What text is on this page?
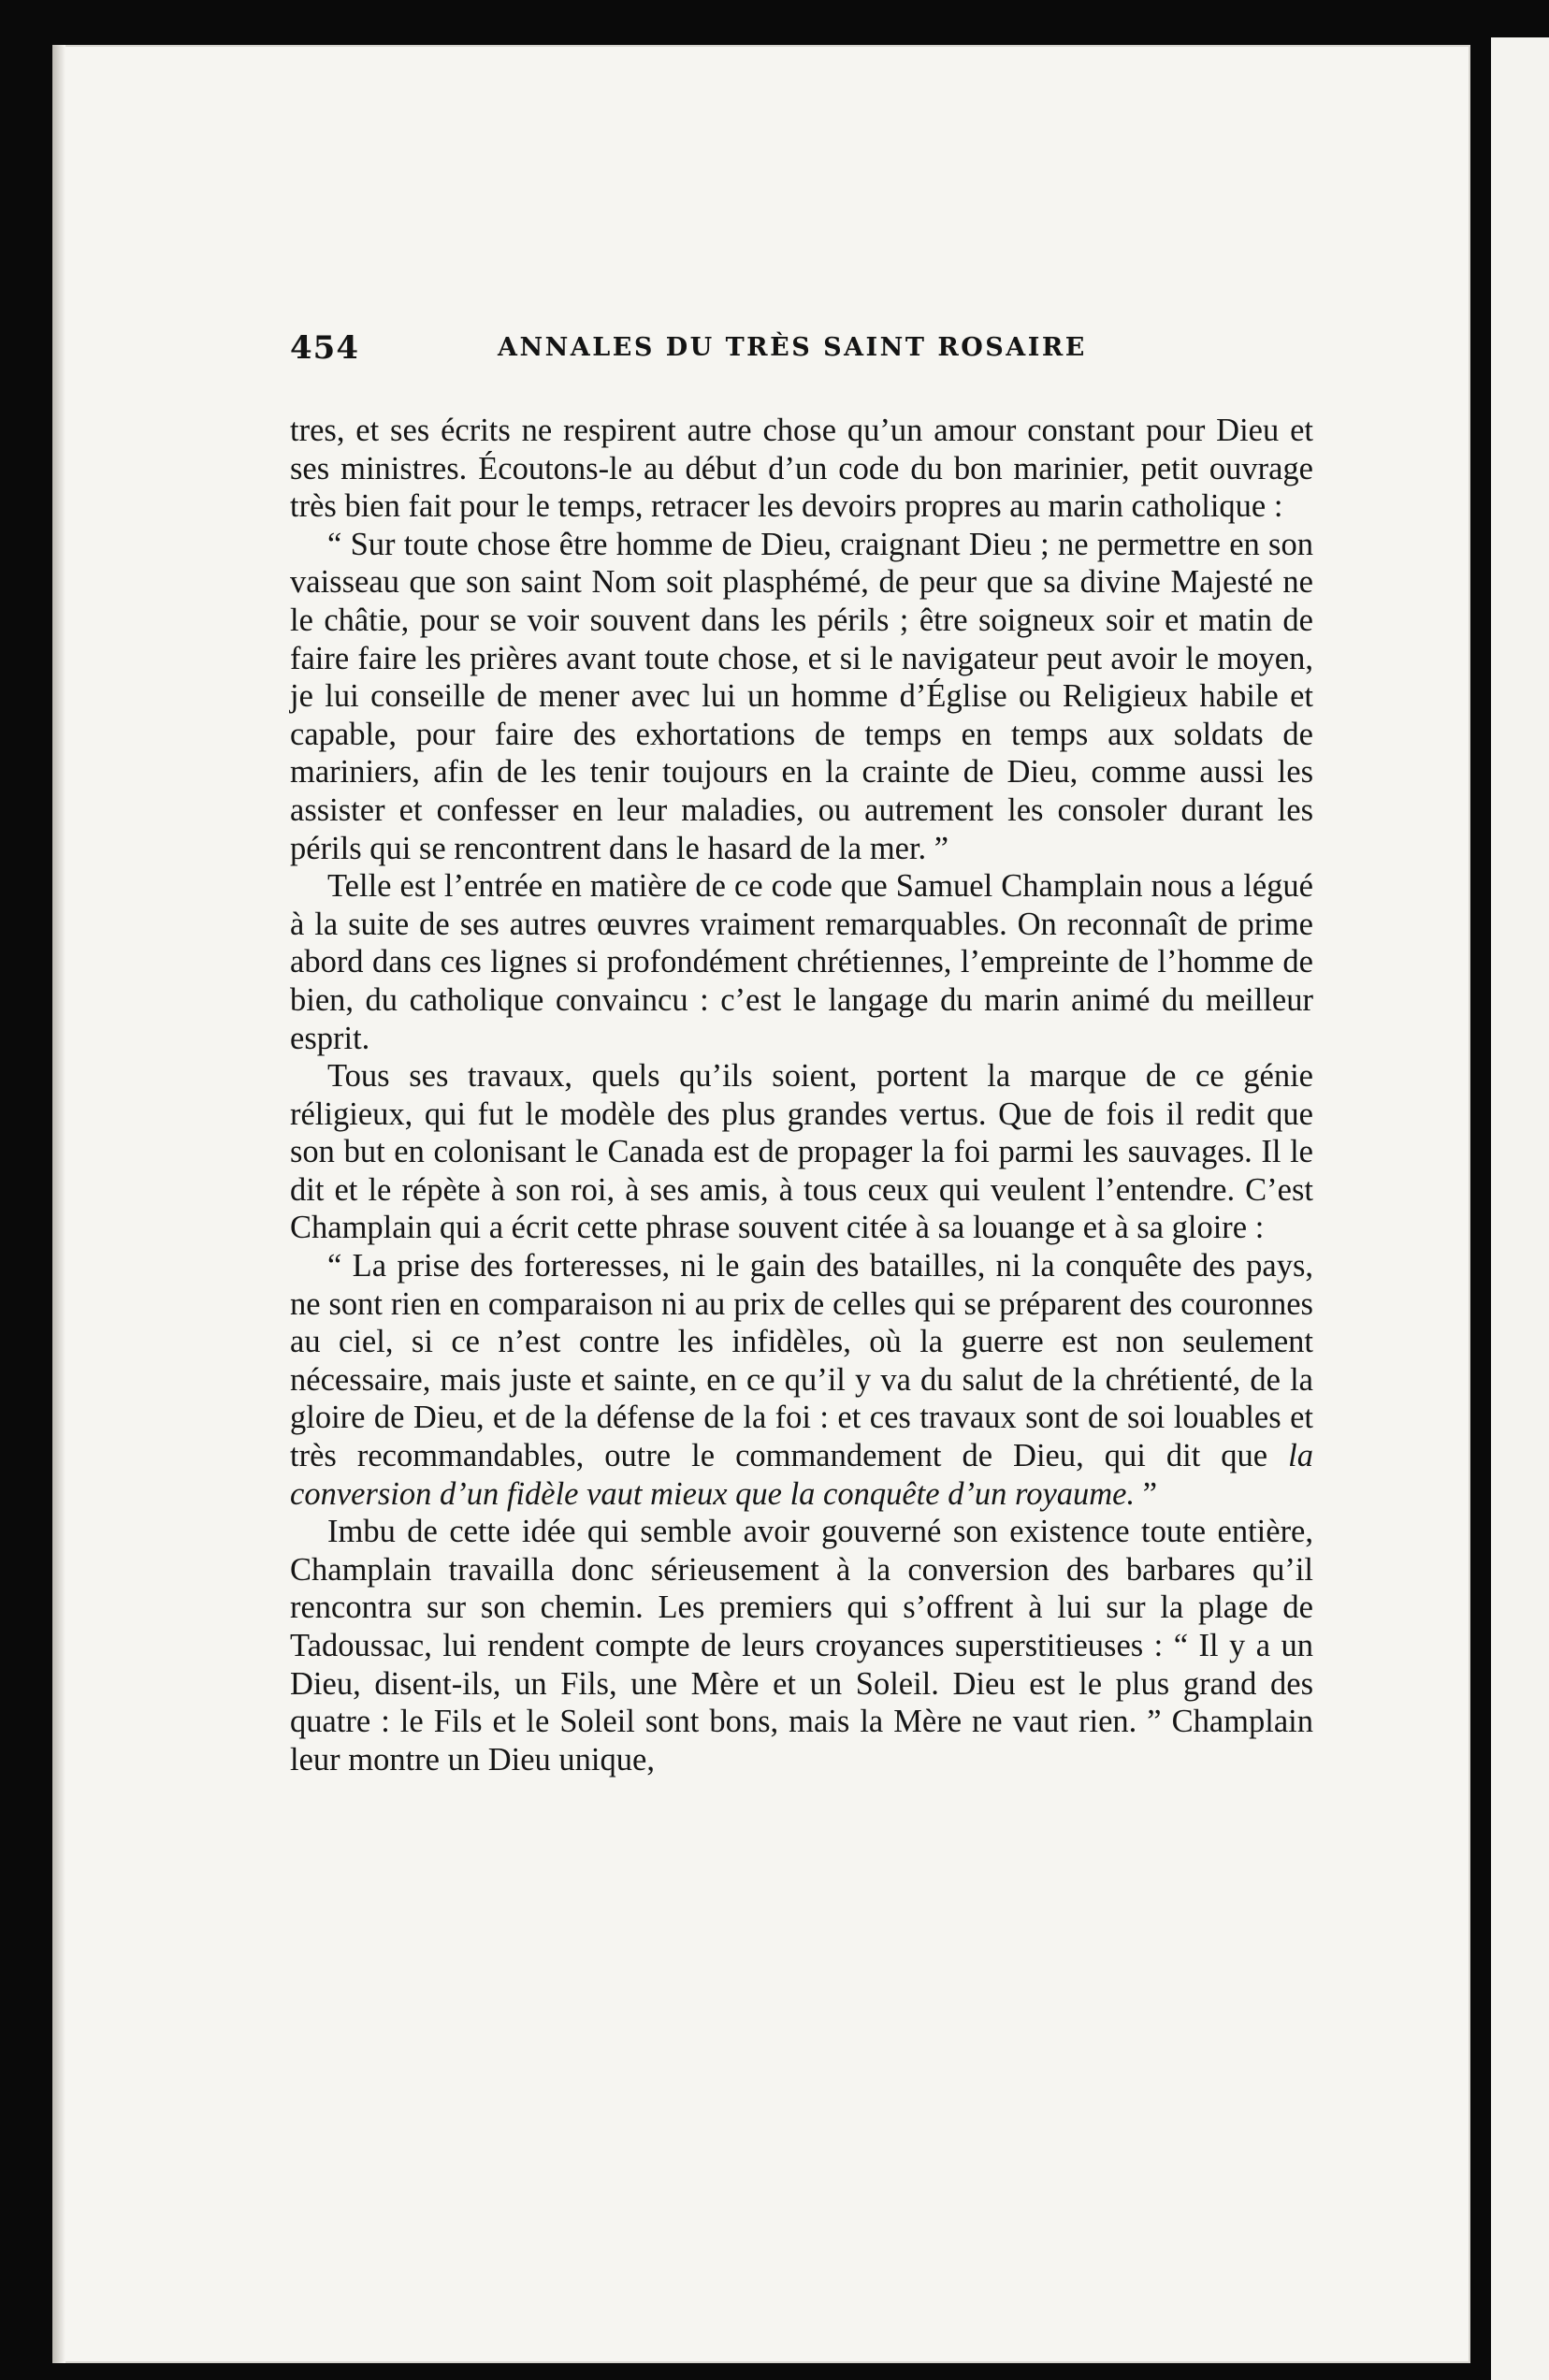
454	ANNALES DU TRÈS SAINT ROSAIRE

tres, et ses écrits ne respirent autre chose qu’un amour constant pour Dieu et ses ministres. Écoutons-le au début d’un code du bon marinier, petit ouvrage très bien fait pour le temps, retracer les devoirs propres au marin catholique :

“ Sur toute chose être homme de Dieu, craignant Dieu ; ne permettre en son vaisseau que son saint Nom soit plasphémé, de peur que sa divine Majesté ne le châtie, pour se voir souvent dans les périls ; être soigneux soir et matin de faire faire les prières avant toute chose, et si le navigateur peut avoir le moyen, je lui conseille de mener avec lui un homme d’Église ou Religieux habile et capable, pour faire des exhortations de temps en temps aux soldats de mariniers, afin de les tenir toujours en la crainte de Dieu, comme aussi les assister et confesser en leur maladies, ou autrement les consoler durant les périls qui se rencontrent dans le hasard de la mer. ”

Telle est l’entrée en matière de ce code que Samuel Champlain nous a légué à la suite de ses autres œuvres vraiment remarquables. On reconnaît de prime abord dans ces lignes si profondément chrétiennes, l’empreinte de l’homme de bien, du catholique convaincu : c’est le langage du marin animé du meilleur esprit.

Tous ses travaux, quels qu’ils soient, portent la marque de ce génie réligieux, qui fut le modèle des plus grandes vertus. Que de fois il redit que son but en colonisant le Canada est de propager la foi parmi les sauvages. Il le dit et le répète à son roi, à ses amis, à tous ceux qui veulent l’entendre. C’est Champlain qui a écrit cette phrase souvent citée à sa louange et à sa gloire :

“ La prise des forteresses, ni le gain des batailles, ni la conquête des pays, ne sont rien en comparaison ni au prix de celles qui se préparent des couronnes au ciel, si ce n’est contre les infidèles, où la guerre est non seulement nécessaire, mais juste et sainte, en ce qu’il y va du salut de la chrétienté, de la gloire de Dieu, et de la défense de la foi : et ces travaux sont de soi louables et très recommandables, outre le commandement de Dieu, qui dit que la conversion d’un fidèle vaut mieux que la conquête d’un royaume. ”

Imbu de cette idée qui semble avoir gouverné son existence toute entière, Champlain travailla donc sérieusement à la conversion des barbares qu’il rencontra sur son chemin. Les premiers qui s’offrent à lui sur la plage de Tadoussac, lui rendent compte de leurs croyances superstitieuses : “ Il y a un Dieu, disent-ils, un Fils, une Mère et un Soleil. Dieu est le plus grand des quatre : le Fils et le Soleil sont bons, mais la Mère ne vaut rien. ” Champlain leur montre un Dieu unique,
